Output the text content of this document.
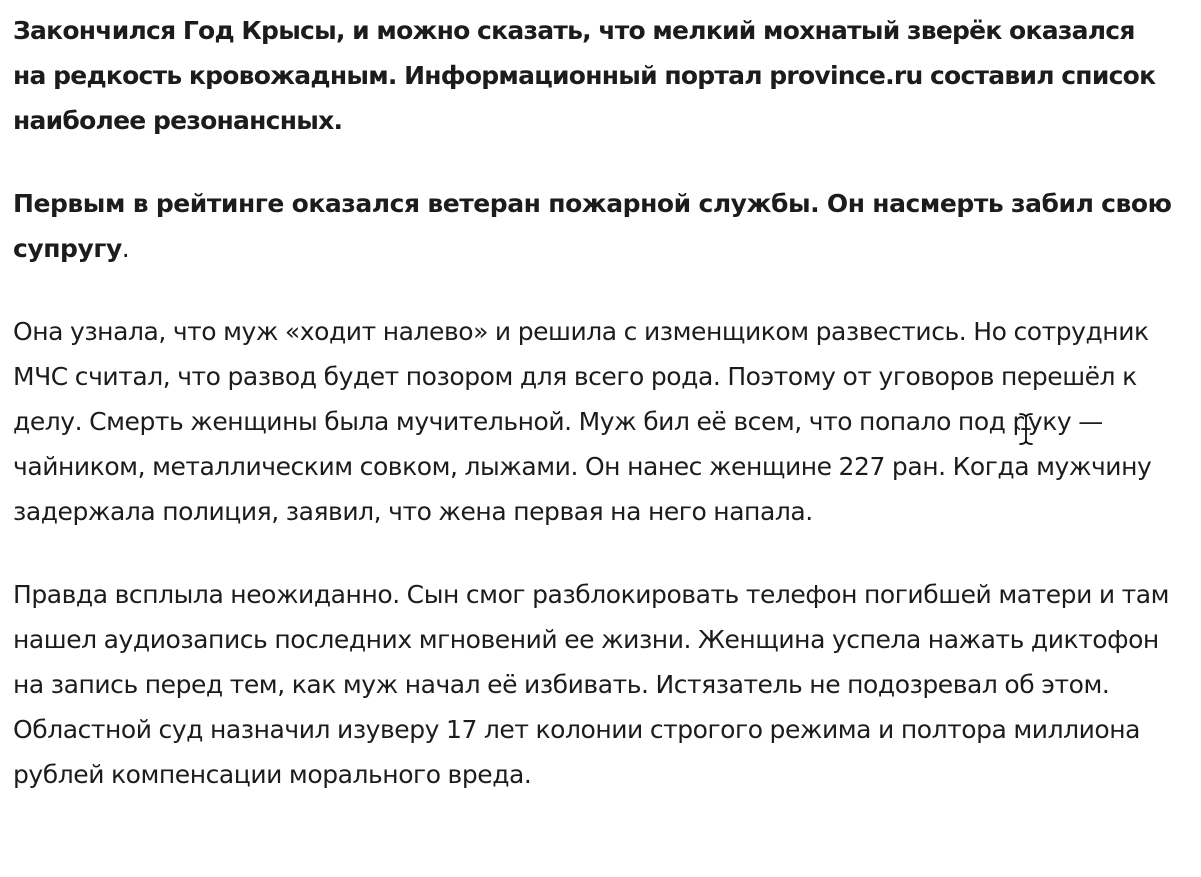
Закончился Год Крысы, и можно сказать, что мелкий мохнатый зверёк оказался на редкость кровожадным. Информационный портал province.ru составил список наиболее резонансных.

Первым в рейтинге оказался ветеран пожарной службы. Он насмерть забил свою супругу.

Она узнала, что муж «ходит налево» и решила с изменщиком развестись. Но сотрудник МЧС считал, что развод будет позором для всего рода. Поэтому от уговоров перешёл к делу. Смерть женщины была мучительной. Муж бил её всем, что попало под руку — чайником, металлическим совком, лыжами. Он нанес женщине 227 ран. Когда мужчину задержала полиция, заявил, что жена первая на него напала.

Правда всплыла неожиданно. Сын смог разблокировать телефон погибшей матери и там нашел аудиозапись последних мгновений ее жизни. Женщина успела нажать диктофон на запись перед тем, как муж начал её избивать. Истязатель не подозревал об этом. Областной суд назначил изуверу 17 лет колонии строгого режима и полтора миллиона рублей компенсации морального вреда.
